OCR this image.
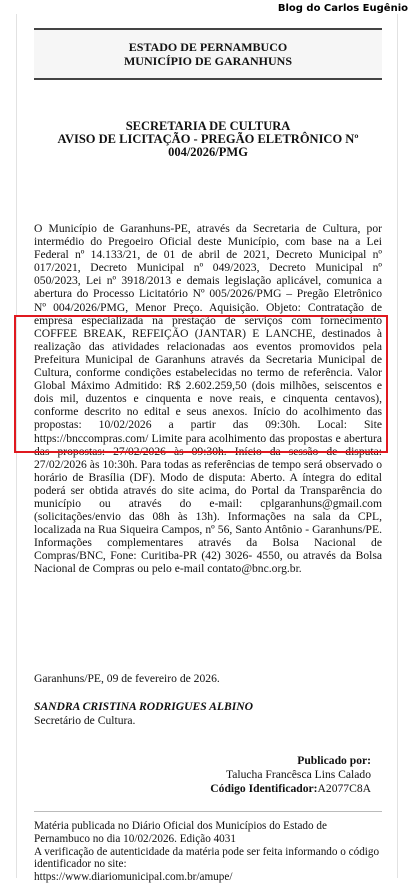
Blog do Carlos Eugênio
ESTADO DE PERNAMBUCO
MUNICÍPIO DE GARANHUNS
SECRETARIA DE CULTURA
AVISO DE LICITAÇÃO - PREGÃO ELETRÔNICO Nº
004/2026/PMG

O Município de Garanhuns-PE, através da Secretaria de Cultura, por intermédio do Pregoeiro Oficial deste Município, com base na a Lei Federal nº 14.133/21, de 01 de abril de 2021, Decreto Municipal nº 017/2021, Decreto Municipal nº 049/2023, Decreto Municipal nº 050/2023, Lei nº 3918/2013 e demais legislação aplicável, comunica a abertura do Processo Licitatório Nº 005/2026/PMG – Pregão Eletrônico Nº 004/2026/PMG, Menor Preço. Aquisição. Objeto: Contratação de empresa especializada na prestação de serviços com fornecimento COFFEE BREAK, REFEIÇÃO (JANTAR) E LANCHE, destinados à realização das atividades relacionadas aos eventos promovidos pela Prefeitura Municipal de Garanhuns através da Secretaria Municipal de Cultura, conforme condições estabelecidas no termo de referência. Valor Global Máximo Admitido: R$ 2.602.259,50 (dois milhões, seiscentos e dois mil, duzentos e cinquenta e nove reais, e cinquenta centavos), conforme descrito no edital e seus anexos. Início do acolhimento das propostas: 10/02/2026 a partir das 09:30h. Local: Site https://bnccompras.com/ Limite para acolhimento das propostas e abertura das propostas: 27/02/2026 às 09:30h. Início da sessão de disputa: 27/02/2026 às 10:30h. Para todas as referências de tempo será observado o horário de Brasília (DF). Modo de disputa: Aberto. A íntegra do edital poderá ser obtida através do site acima, do Portal da Transparência do município ou através do e-mail: cplgaranhuns@gmail.com (solicitações/envio das 08h às 13h). Informações na sala da CPL, localizada na Rua Siqueira Campos, nº 56, Santo Antônio - Garanhuns/PE. Informações complementares através da Bolsa Nacional de Compras/BNC, Fone: Curitiba-PR (42) 3026- 4550, ou através da Bolsa Nacional de Compras ou pelo e-mail contato@bnc.org.br.

Garanhuns/PE, 09 de fevereiro de 2026.
SANDRA CRISTINA RODRIGUES ALBINO
Secretário de Cultura.
Publicado por:
Talucha Francêsca Lins Calado
Código Identificador:A2077C8A

Matéria publicada no Diário Oficial dos Municípios do Estado de Pernambuco no dia 10/02/2026. Edição 4031

A verificação de autenticidade da matéria pode ser feita informando o código identificador no site:

https://www.diariomunicipal.com.br/amupe/
